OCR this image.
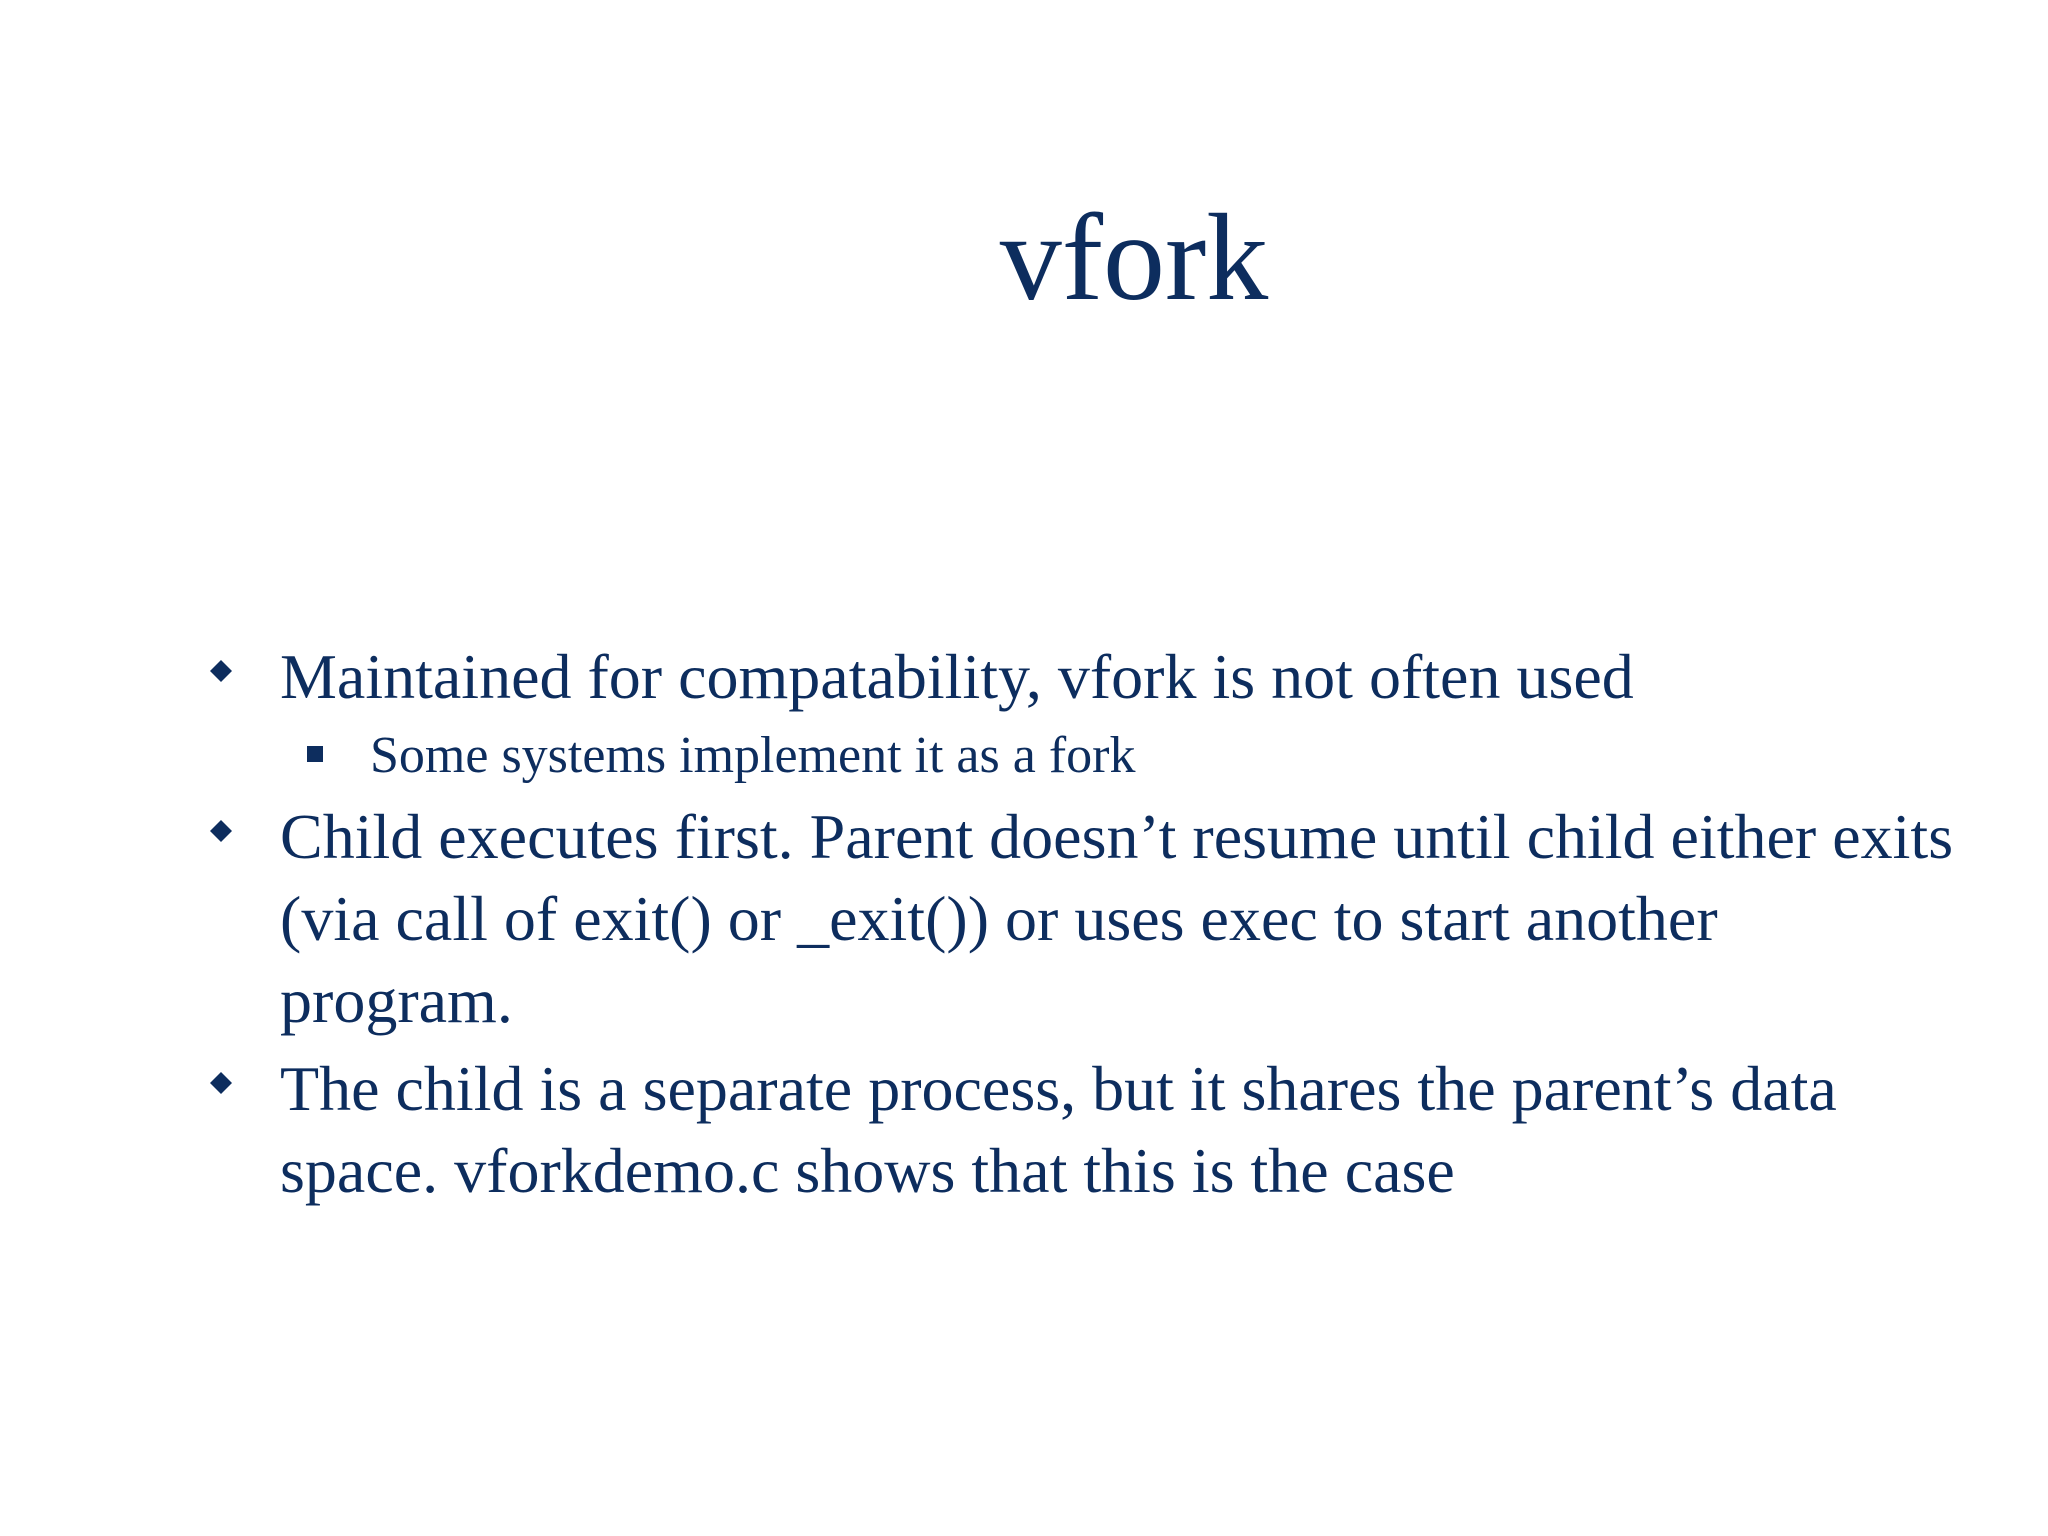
vfork
Maintained for compatability, vfork is not often used
Some systems implement it as a fork
Child executes first. Parent doesn’t resume until child either exits (via call of exit() or _exit()) or uses exec to start another program.
The child is a separate process, but it shares the parent’s data space. vforkdemo.c shows that this is the case
